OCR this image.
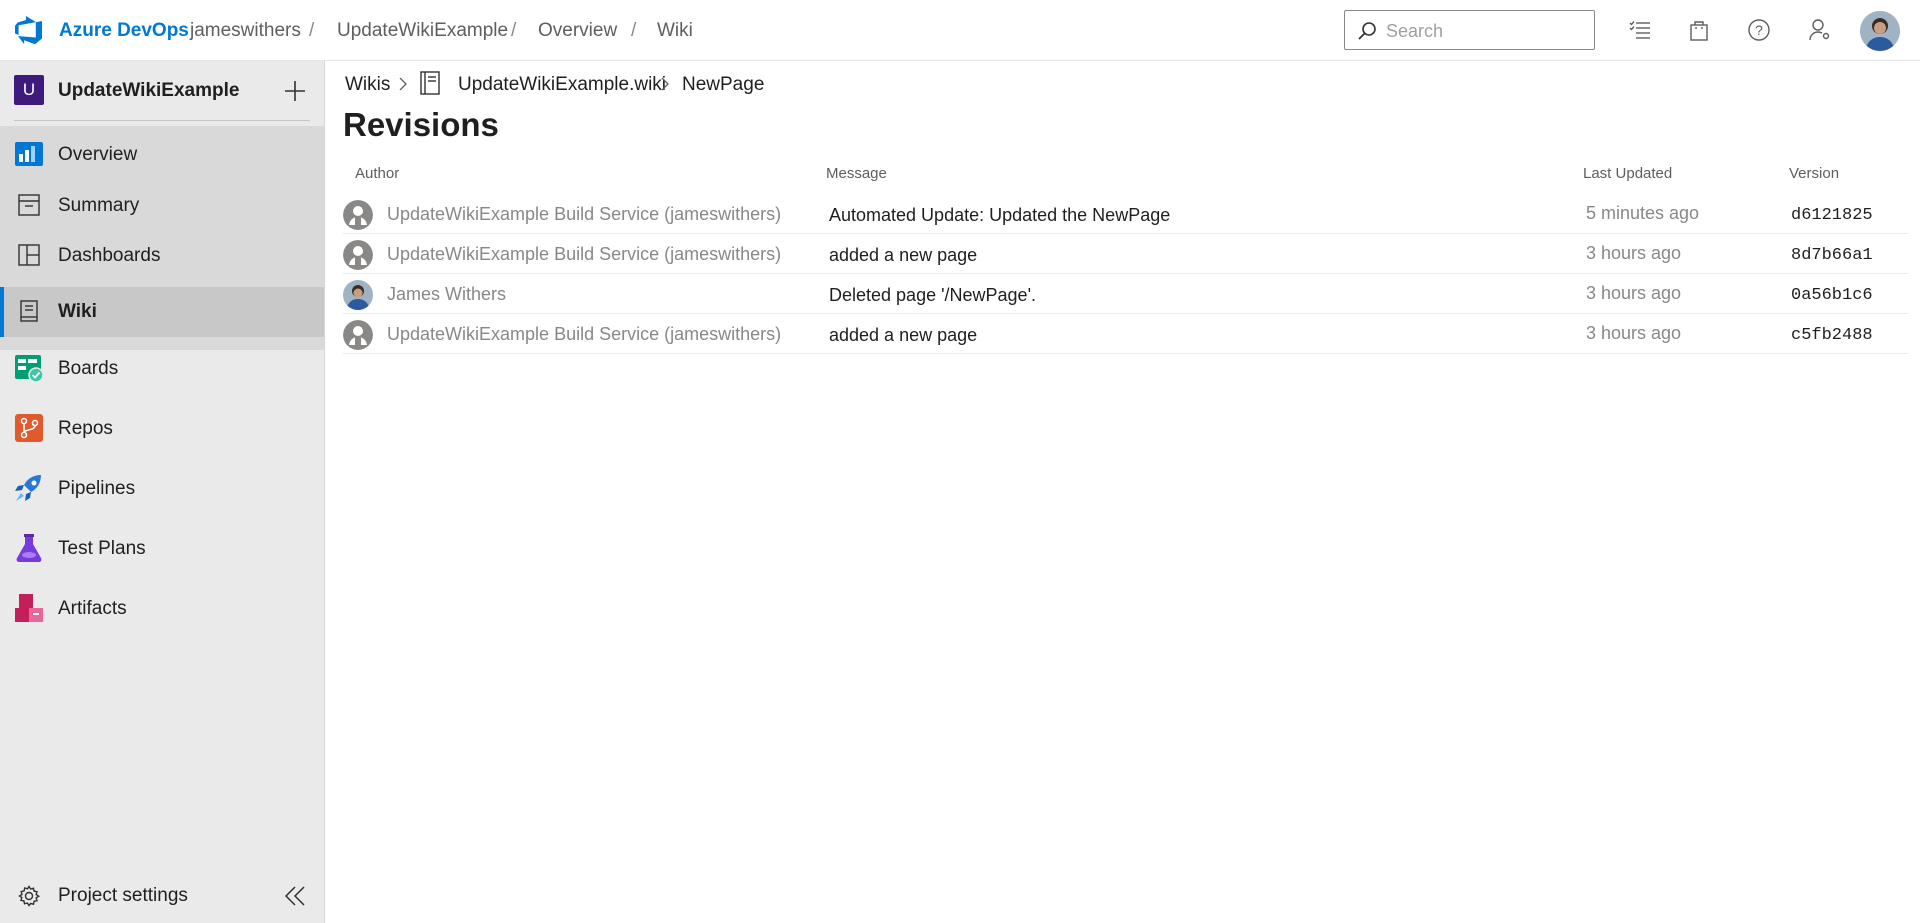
Azure DevOps jameswithers / UpdateWikiExample / Overview / Wiki	Search	?
U	UpdateWikiExample
Overview
Summary
Dashboards
Wiki
Boards
Repos
Pipelines
Test Plans
Artifacts
Project settings
Wikis	UpdateWikiExample.wiki NewPage
Revisions
Author	Message	Last Updated	Version
UpdateWikiExample Build Service (jameswithers)	Automated Update: Updated the NewPage	5 minutes ago	d6121825
UpdateWikiExample Build Service (jameswithers)	added a new page	3 hours ago	8d7b66a1
James Withers	Deleted page '/NewPage'.	3 hours ago	0a56b1c6
UpdateWikiExample Build Service (jameswithers)	added a new page	3 hours ago	c5fb2488
